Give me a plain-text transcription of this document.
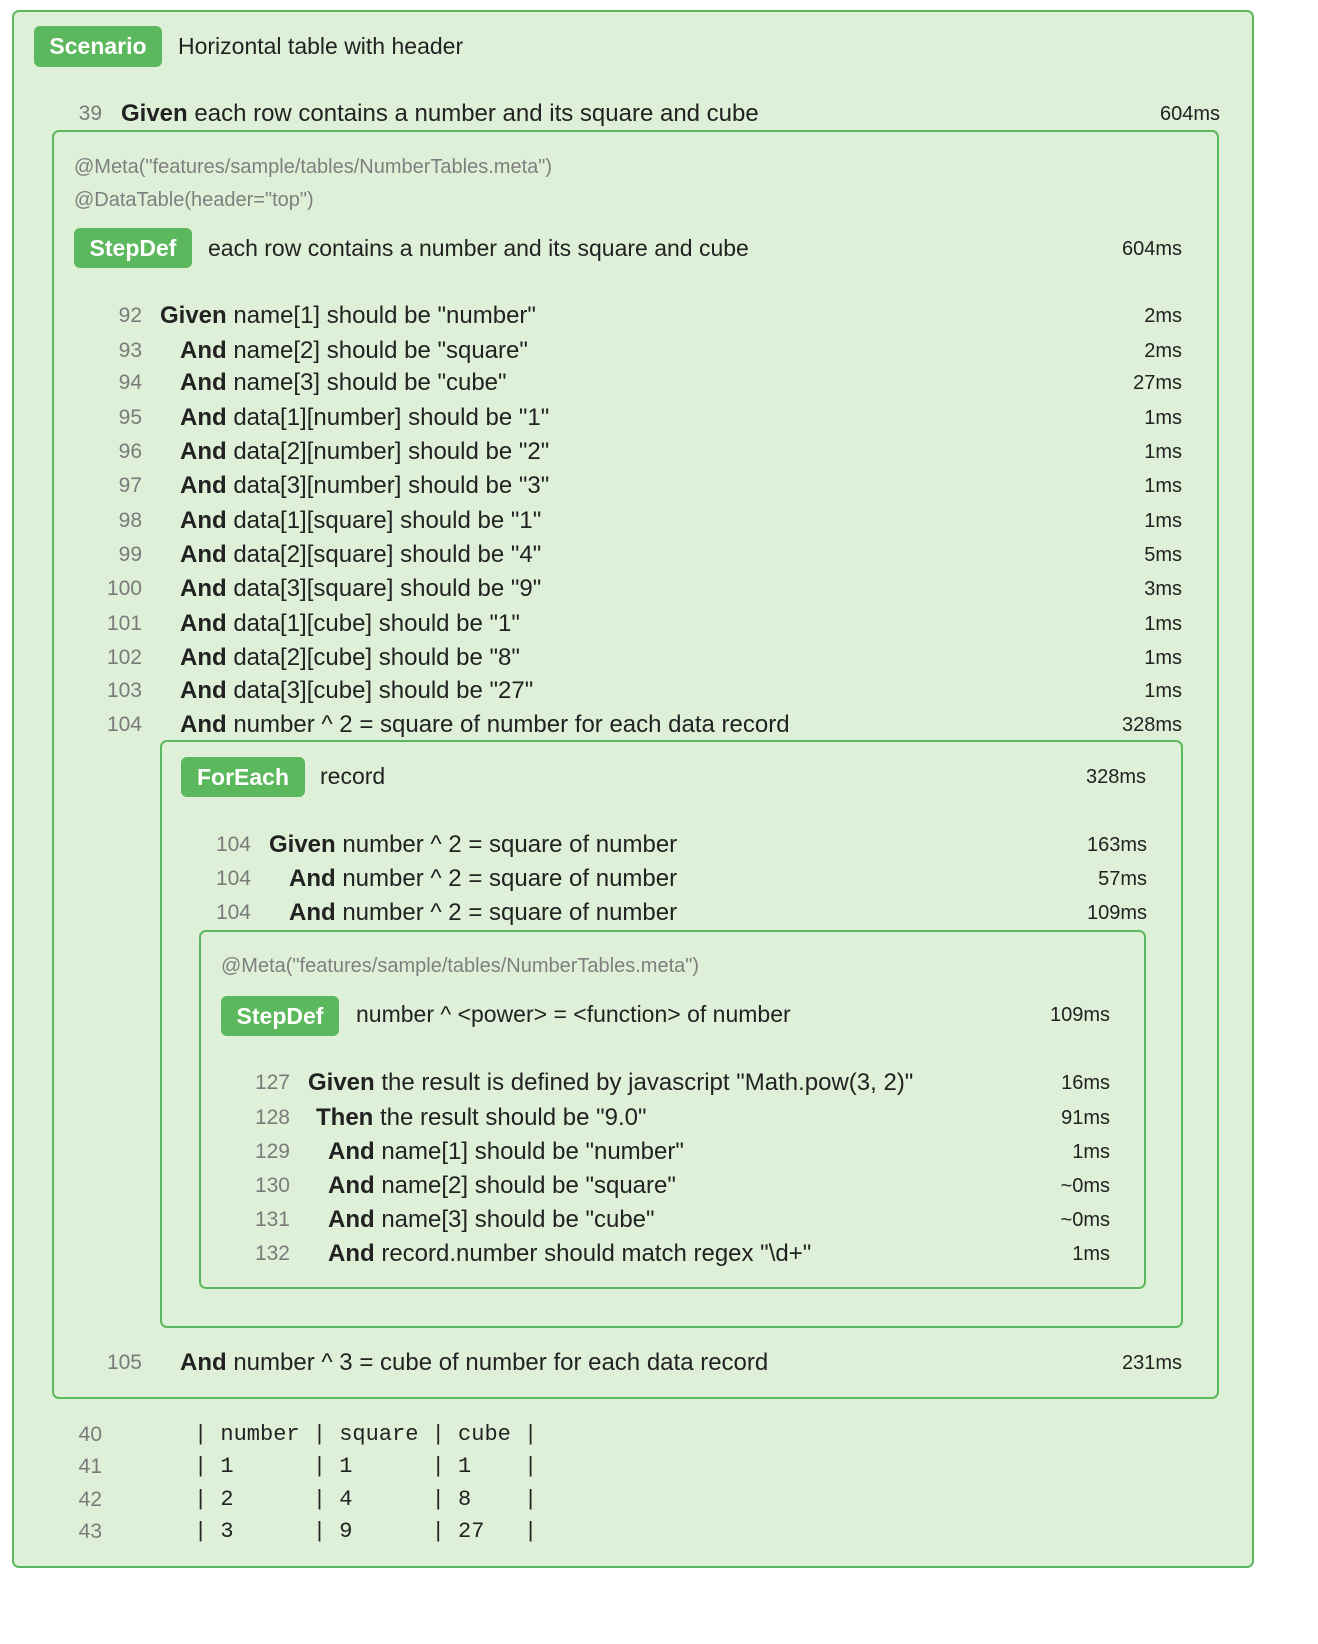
Scenario	Horizontal table with header
39 Given each row contains a number and its square and cube	604ms
@Meta("features/sample/tables/NumberTables.meta")
@DataTable(header="top")
StepDef	each row contains a number and its square and cube	604ms
92 Given name[1] should be "number"	2ms
93 And name[2] should be "square"	2ms
94 And name[3] should be "cube"	27ms
95 And data[1][number] should be "1"	1ms
96 And data[2][number] should be "2"	1ms
97 And data[3][number] should be "3"	1ms
98 And data[1][square] should be "1"	1ms
99 And data[2][square] should be "4"	5ms
100 And data[3][square] should be "9"	3ms
101 And data[1][cube] should be "1"	1ms
102 And data[2][cube] should be "8"	1ms
103 And data[3][cube] should be "27"	1ms
104 And number ^ 2 = square of number for each data record	328ms
ForEach	record	328ms
104 Given number ^ 2 = square of number	163ms
104 And number ^ 2 = square of number	57ms
104 And number ^ 2 = square of number	109ms
@Meta("features/sample/tables/NumberTables.meta")
StepDef	number ^ <power> = <function> of number	109ms
127 Given the result is defined by javascript "Math.pow(3, 2)"	16ms
128 Then the result should be "9.0"	91ms
129 And name[1] should be "number"	1ms
130 And name[2] should be "square"	~0ms
131 And name[3] should be "cube"	~0ms
132 And record.number should match regex "\d+"	1ms
105 And number ^ 3 = cube of number for each data record	231ms
40	| number | square | cube |
41	| 1      | 1      | 1    |
42	| 2      | 4      | 8    |
43	| 3      | 9      | 27   |
